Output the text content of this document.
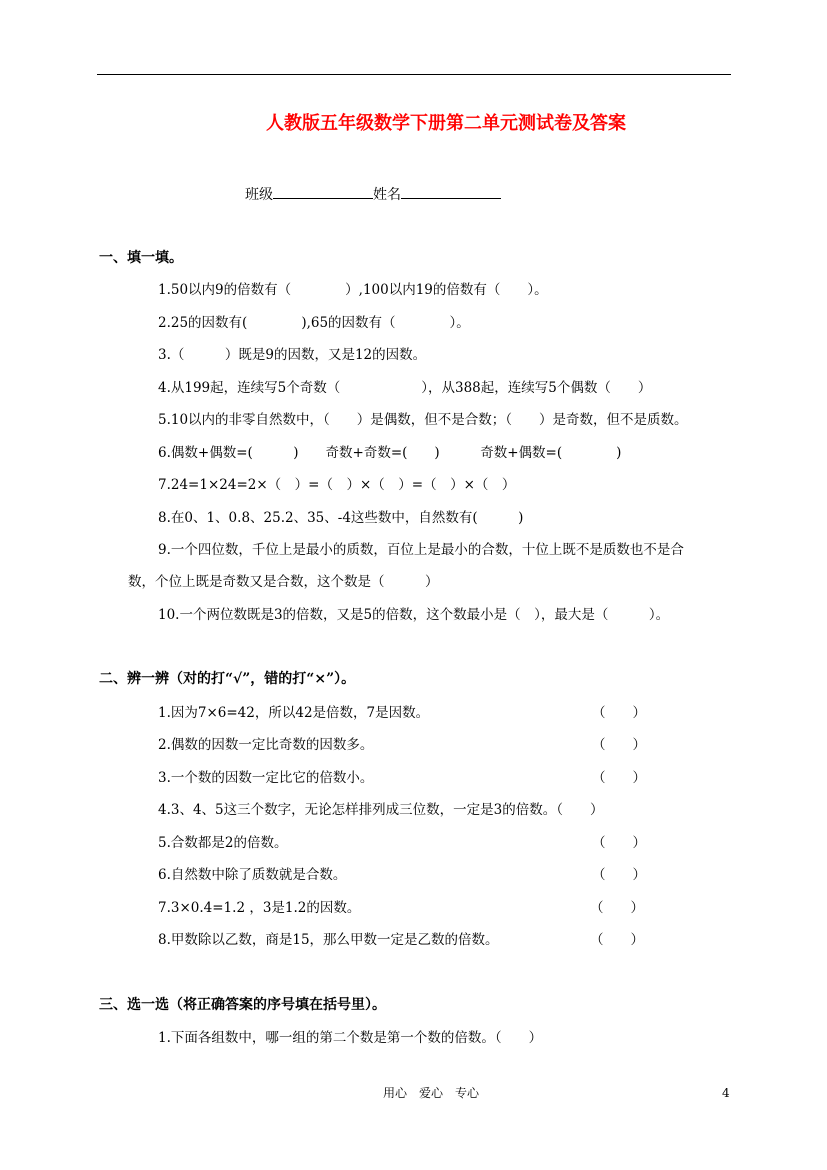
人教版五年级数学下册第二单元测试卷及答案
班级	姓名
一、填一填。
1.50以内9的倍数有（　　　　）,100以内19的倍数有（　　）。
2.25的因数有(　　　　),65的因数有（　　　　）。
3.（　　　）既是9的因数，又是12的因数。
4.从199起，连续写5个奇数（　　　　　　），从388起，连续写5个偶数（　　）
5.10以内的非零自然数中，（　　）是偶数，但不是合数；（　　）是奇数，但不是质数。
6.偶数+偶数=(　　　)　　奇数+奇数=(　　)　　　奇数+偶数=(　　　　)
7.24=1×24=2×（　）=（　）×（　）=（　）×（　）
8.在0、1、0.8、25.2、35、-4这些数中，自然数有(　　　)
9.一个四位数，千位上是最小的质数，百位上是最小的合数，十位上既不是质数也不是合
数，个位上既是奇数又是合数，这个数是（　　　）
10.一个两位数既是3的倍数，又是5的倍数，这个数最小是（　），最大是（　　　）。
二、辨一辨（对的打“√”，错的打“×”）。
1.因为7×6=42，所以42是倍数，7是因数。	（　　）
2.偶数的因数一定比奇数的因数多。	（　　）
3.一个数的因数一定比它的倍数小。	（　　）
4.3、4、5这三个数字，无论怎样排列成三位数，一定是3的倍数。（　　）
5.合数都是2的倍数。	（　　）
6.自然数中除了质数就是合数。	（　　）
7.3×0.4=1.2 ，3是1.2的因数。	（　　）
8.甲数除以乙数，商是15，那么甲数一定是乙数的倍数。	（　　）
三、选一选（将正确答案的序号填在括号里）。
1.下面各组数中，哪一组的第二个数是第一个数的倍数。（　　）
用心　爱心　专心	4
